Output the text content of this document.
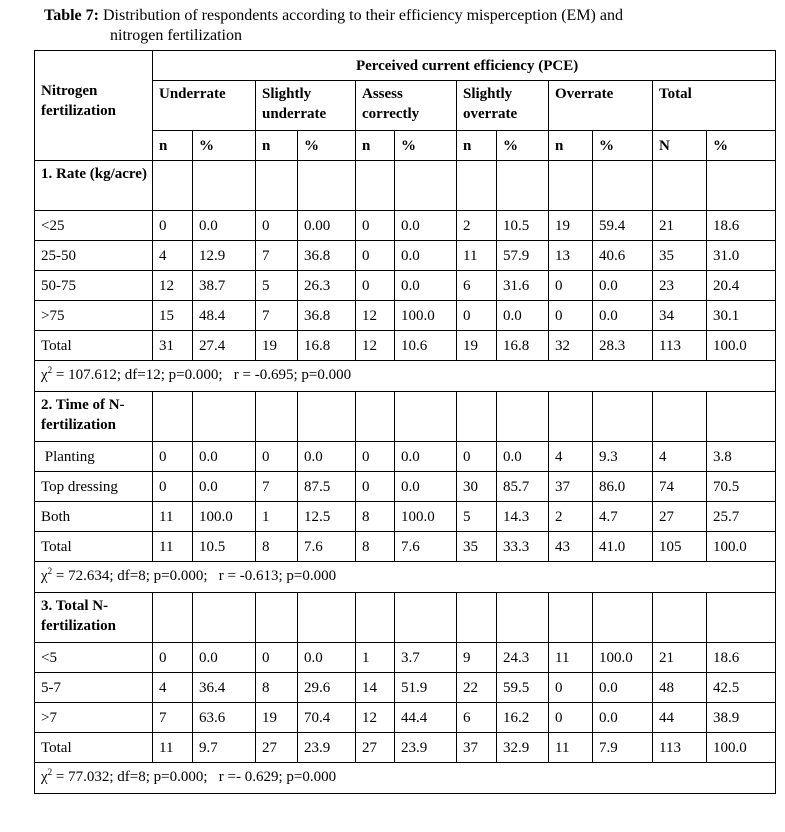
Table 7: Distribution of respondents according to their efficiency misperception (EM) and
nitrogen fertilization
Nitrogen fertilization	Perceived current efficiency (PCE)											
	Underrate		Slightly underrate		Assess correctly		Slightly overrate		Overrate		Total	
	n	%	n	%	n	%	n	%	n	%	N	%
1. Rate (kg/acre)												
<25	0	0.0	0	0.00	0	0.0	2	10.5	19	59.4	21	18.6
25-50	4	12.9	7	36.8	0	0.0	11	57.9	13	40.6	35	31.0
50-75	12	38.7	5	26.3	0	0.0	6	31.6	0	0.0	23	20.4
>75	15	48.4	7	36.8	12	100.0	0	0.0	0	0.0	34	30.1
Total	31	27.4	19	16.8	12	10.6	19	16.8	32	28.3	113	100.0
$\chi^2 = 107.612$; df=12; p=0.000;   r = -0.695; p=0.000												
2. Time of N-fertilization												
Planting	0	0.0	0	0.0	0	0.0	0	0.0	4	9.3	4	3.8
Top dressing	0	0.0	7	87.5	0	0.0	30	85.7	37	86.0	74	70.5
Both	11	100.0	1	12.5	8	100.0	5	14.3	2	4.7	27	25.7
Total	11	10.5	8	7.6	8	7.6	35	33.3	43	41.0	105	100.0
$\chi^2 = 72.634$; df=8; p=0.000;   r = -0.613; p=0.000												
3. Total N-fertilization												
<5	0	0.0	0	0.0	1	3.7	9	24.3	11	100.0	21	18.6
5-7	4	36.4	8	29.6	14	51.9	22	59.5	0	0.0	48	42.5
>7	7	63.6	19	70.4	12	44.4	6	16.2	0	0.0	44	38.9
Total	11	9.7	27	23.9	27	23.9	37	32.9	11	7.9	113	100.0
$\chi^2 = 77.032$; df=8; p=0.000;   r =- 0.629; p=0.000												
